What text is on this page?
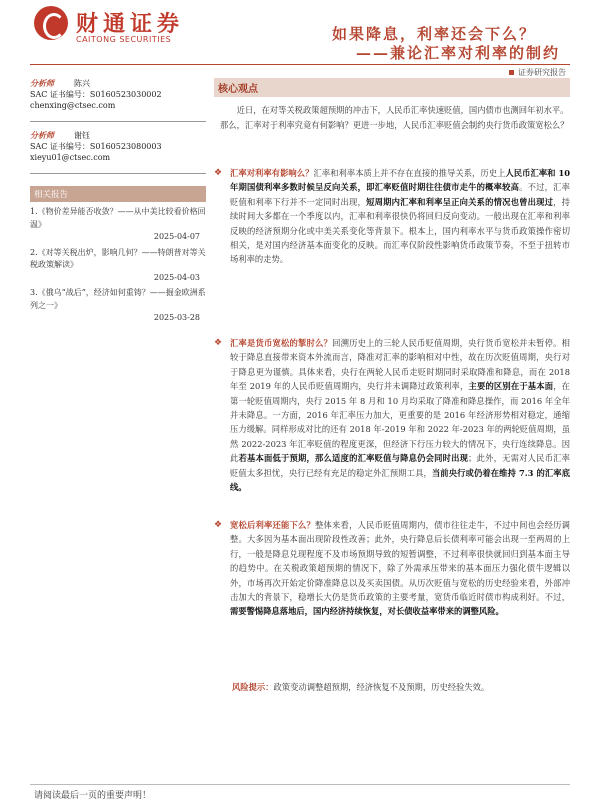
财通证券
CAITONG SECURITIES	如果降息，利率还会下么？
——兼论汇率对利率的制约
证券研究报告
分析师	陈兴
SAC 证书编号：S0160523030002
chenxing@ctsec.com
分析师	谢钰
SAC 证书编号：S0160523080003
xieyu01@ctsec.com
相关报告
1.《物价差异能否收敛？——从中美比较看价格回温》
2025-04-07
2.《对等关税出炉，影响几何？——特朗普对等关税政策解读》
2025-04-03
3.《俄乌“战后”，经济如何重铸？——掘金欧洲系列之一》
2025-03-28
核心观点

近日，在对等关税政策超预期的冲击下，人民币汇率快速贬值，国内债市也测回年初水平。那么，汇率对于利率究竟有何影响？更进一步地，人民币汇率贬值会制约央行货币政策宽松么？

❖ 汇率对利率有影响么？汇率和利率本质上并不存在直接的推导关系，历史上人民币汇率和 10 年期国债利率多数时候呈反向关系，即汇率贬值时期往往债市走牛的概率较高。不过，汇率贬值和利率下行并不一定同时出现，短周期内汇率和利率呈正向关系的情况也曾出现过，持续时间大多都在一个季度以内，汇率和利率很快仍将回归反向变动。一般出现在汇率和利率反映的经济预期分化或中美关系变化等背景下。根本上，国内利率水平与货币政策操作密切相关，是对国内经济基本面变化的反映。而汇率仅阶段性影响货币政策节奏，不至于扭转市场利率的走势。

❖ 汇率是货币宽松的掣肘么？回溯历史上的三轮人民币贬值周期，央行货币宽松并未暂停。相较于降息直接带来资本外流而言，降准对汇率的影响相对中性，故在历次贬值周期，央行对于降息更为谨慎。具体来看，央行在两轮人民币走贬时期同时采取降准和降息，而在 2018 年至 2019 年的人民币贬值周期内，央行并未调降过政策利率，主要的区别在于基本面，在第一轮贬值周期内，央行 2015 年 8 月和 10 月均采取了降准和降息操作，而 2016 年全年并未降息。一方面，2016 年汇率压力加大，更重要的是 2016 年经济形势相对稳定，通缩压力缓解。同样形成对比的还有 2018 年-2019 年和 2022 年-2023 年的两轮贬值周期，虽然 2022-2023 年汇率贬值的程度更深，但经济下行压力较大的情况下，央行连续降息。因此若基本面低于预期，那么适度的汇率贬值与降息仍会同时出现；此外，无需对人民币汇率贬值太多担忧，央行已经有充足的稳定外汇预期工具，当前央行或仍着在维持 7.3 的汇率底线。

❖ 宽松后利率还能下么？整体来看，人民币贬值周期内，债市往往走牛，不过中间也会经历调整。大多因为基本面出现阶段性改善；此外，央行降息后长债利率可能会出现一至两周的上行，一般是降息兑现程度不及市场预期导致的短暂调整，不过利率很快就回归到基本面主导的趋势中。在关税政策超预期的情况下，除了外需承压带来的基本面压力强化债牛逻辑以外，市场再次开始定价降准降息以及买卖国债。从历次贬值与宽松的历史经验来看，外部冲击加大的背景下，稳增长大仍是货币政策的主要考量，宽货币临近时债市构成利好。不过，需要警惕降息落地后，国内经济持续恢复，对长债收益率带来的调整风险。

风险提示：政策变动调整超预期，经济恢复不及预期，历史经验失效。
请阅读最后一页的重要声明！
